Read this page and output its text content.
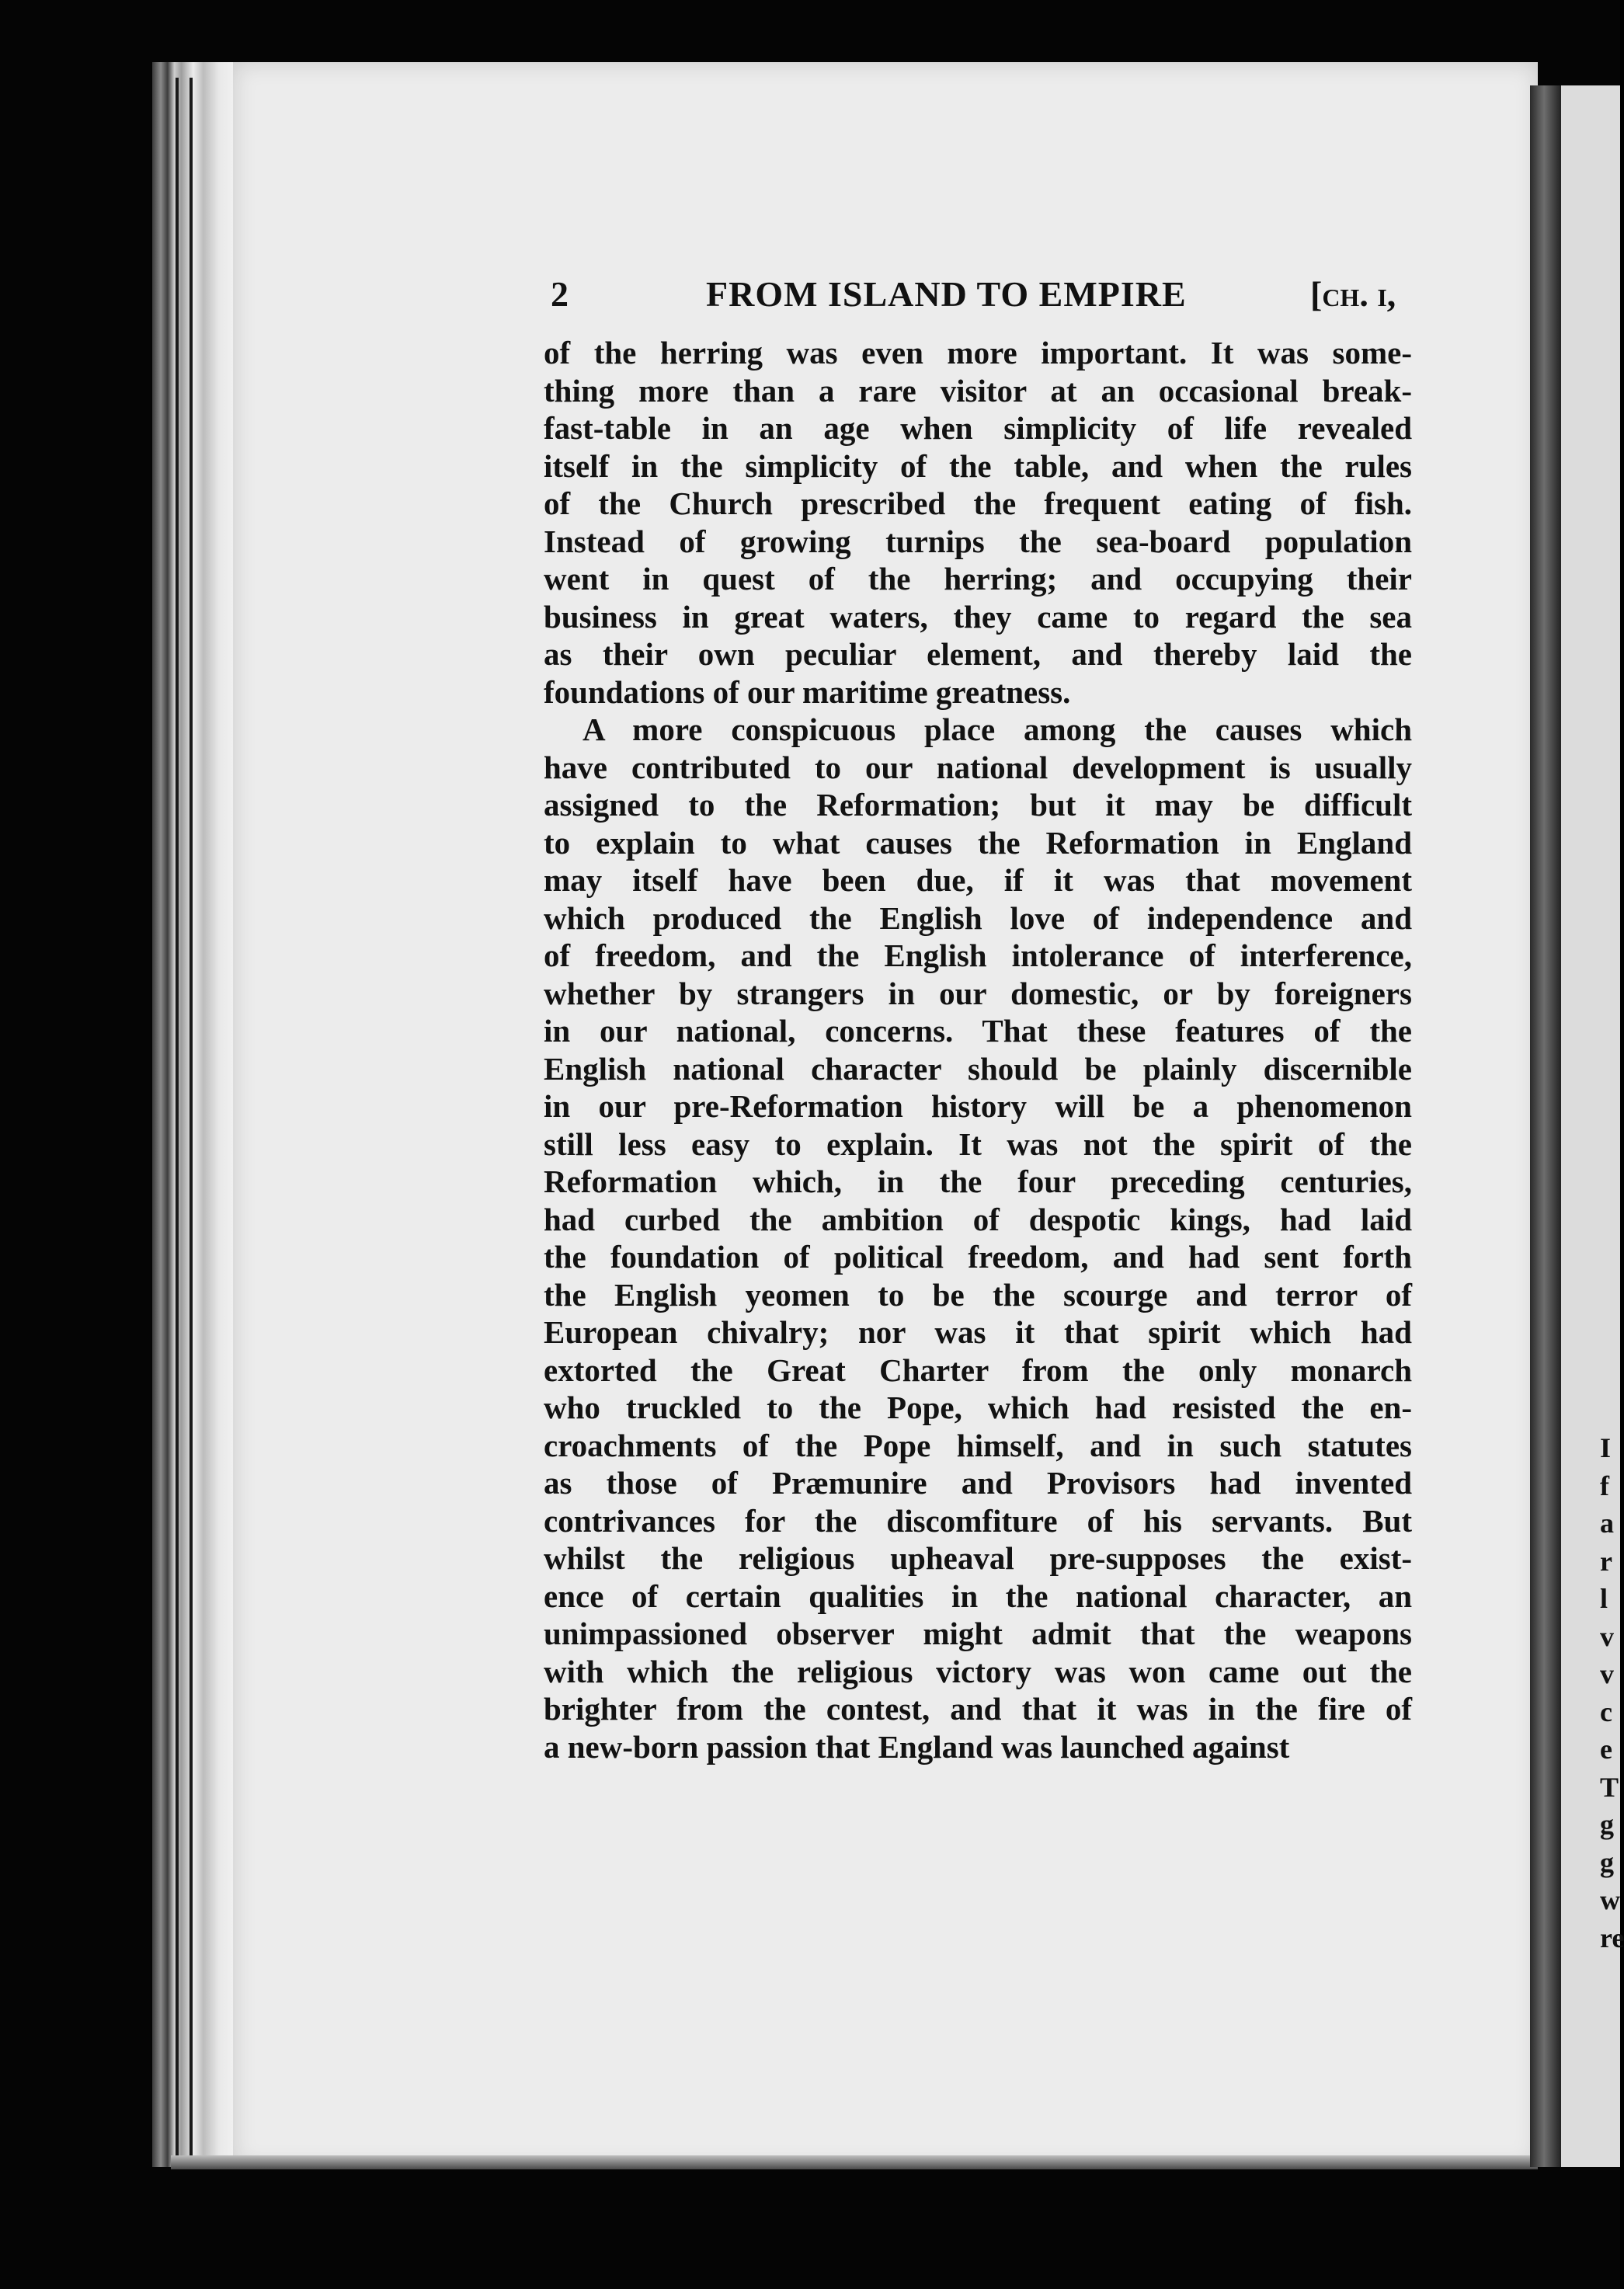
I
f
a
r
l
v
v
c
e
T
g
g
w
re
2	FROM ISLAND TO EMPIRE	[ch. i,
of the herring was even more important. It was some-
thing more than a rare visitor at an occasional break-
fast-table in an age when simplicity of life revealed
itself in the simplicity of the table, and when the rules
of the Church prescribed the frequent eating of fish.
Instead of growing turnips the sea-board population
went in quest of the herring; and occupying their
business in great waters, they came to regard the sea
as their own peculiar element, and thereby laid the
foundations of our maritime greatness.
A more conspicuous place among the causes which
have contributed to our national development is usually
assigned to the Reformation; but it may be difficult
to explain to what causes the Reformation in England
may itself have been due, if it was that movement
which produced the English love of independence and
of freedom, and the English intolerance of interference,
whether by strangers in our domestic, or by foreigners
in our national, concerns. That these features of the
English national character should be plainly discernible
in our pre-Reformation history will be a phenomenon
still less easy to explain. It was not the spirit of the
Reformation which, in the four preceding centuries,
had curbed the ambition of despotic kings, had laid
the foundation of political freedom, and had sent forth
the English yeomen to be the scourge and terror of
European chivalry; nor was it that spirit which had
extorted the Great Charter from the only monarch
who truckled to the Pope, which had resisted the en-
croachments of the Pope himself, and in such statutes
as those of Præmunire and Provisors had invented
contrivances for the discomfiture of his servants. But
whilst the religious upheaval pre-supposes the exist-
ence of certain qualities in the national character, an
unimpassioned observer might admit that the weapons
with which the religious victory was won came out the
brighter from the contest, and that it was in the fire of
a new-born passion that England was launched against
